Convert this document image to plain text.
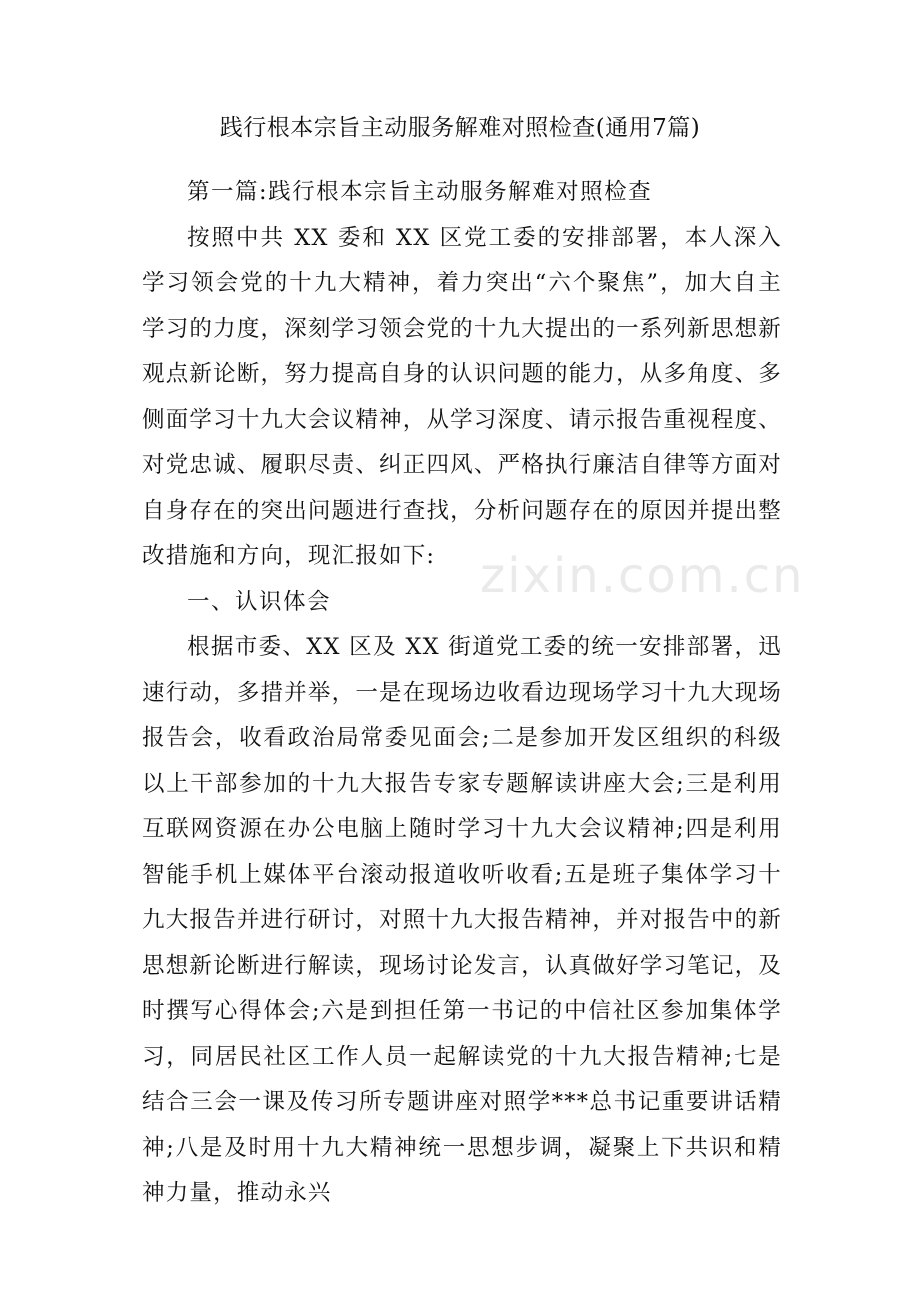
践行根本宗旨主动服务解难对照检查(通用7篇)

第一篇:践行根本宗旨主动服务解难对照检查

按照中共 XX 委和 XX 区党工委的安排部署，本人深入学习领会党的十九大精神，着力突出“六个聚焦”，加大自主学习的力度，深刻学习领会党的十九大提出的一系列新思想新观点新论断，努力提高自身的认识问题的能力，从多角度、多侧面学习十九大会议精神，从学习深度、请示报告重视程度、对党忠诚、履职尽责、纠正四风、严格执行廉洁自律等方面对自身存在的突出问题进行查找，分析问题存在的原因并提出整改措施和方向，现汇报如下:

一、认识体会

根据市委、XX 区及 XX 街道党工委的统一安排部署，迅速行动，多措并举，一是在现场边收看边现场学习十九大现场报告会，收看政治局常委见面会;二是参加开发区组织的科级以上干部参加的十九大报告专家专题解读讲座大会;三是利用互联网资源在办公电脑上随时学习十九大会议精神;四是利用智能手机上媒体平台滚动报道收听收看;五是班子集体学习十九大报告并进行研讨，对照十九大报告精神，并对报告中的新思想新论断进行解读，现场讨论发言，认真做好学习笔记，及时撰写心得体会;六是到担任第一书记的中信社区参加集体学习，同居民社区工作人员一起解读党的十九大报告精神;七是结合三会一课及传习所专题讲座对照学***总书记重要讲话精神;八是及时用十九大精神统一思想步调，凝聚上下共识和精神力量，推动永兴

zixin.com.cn
